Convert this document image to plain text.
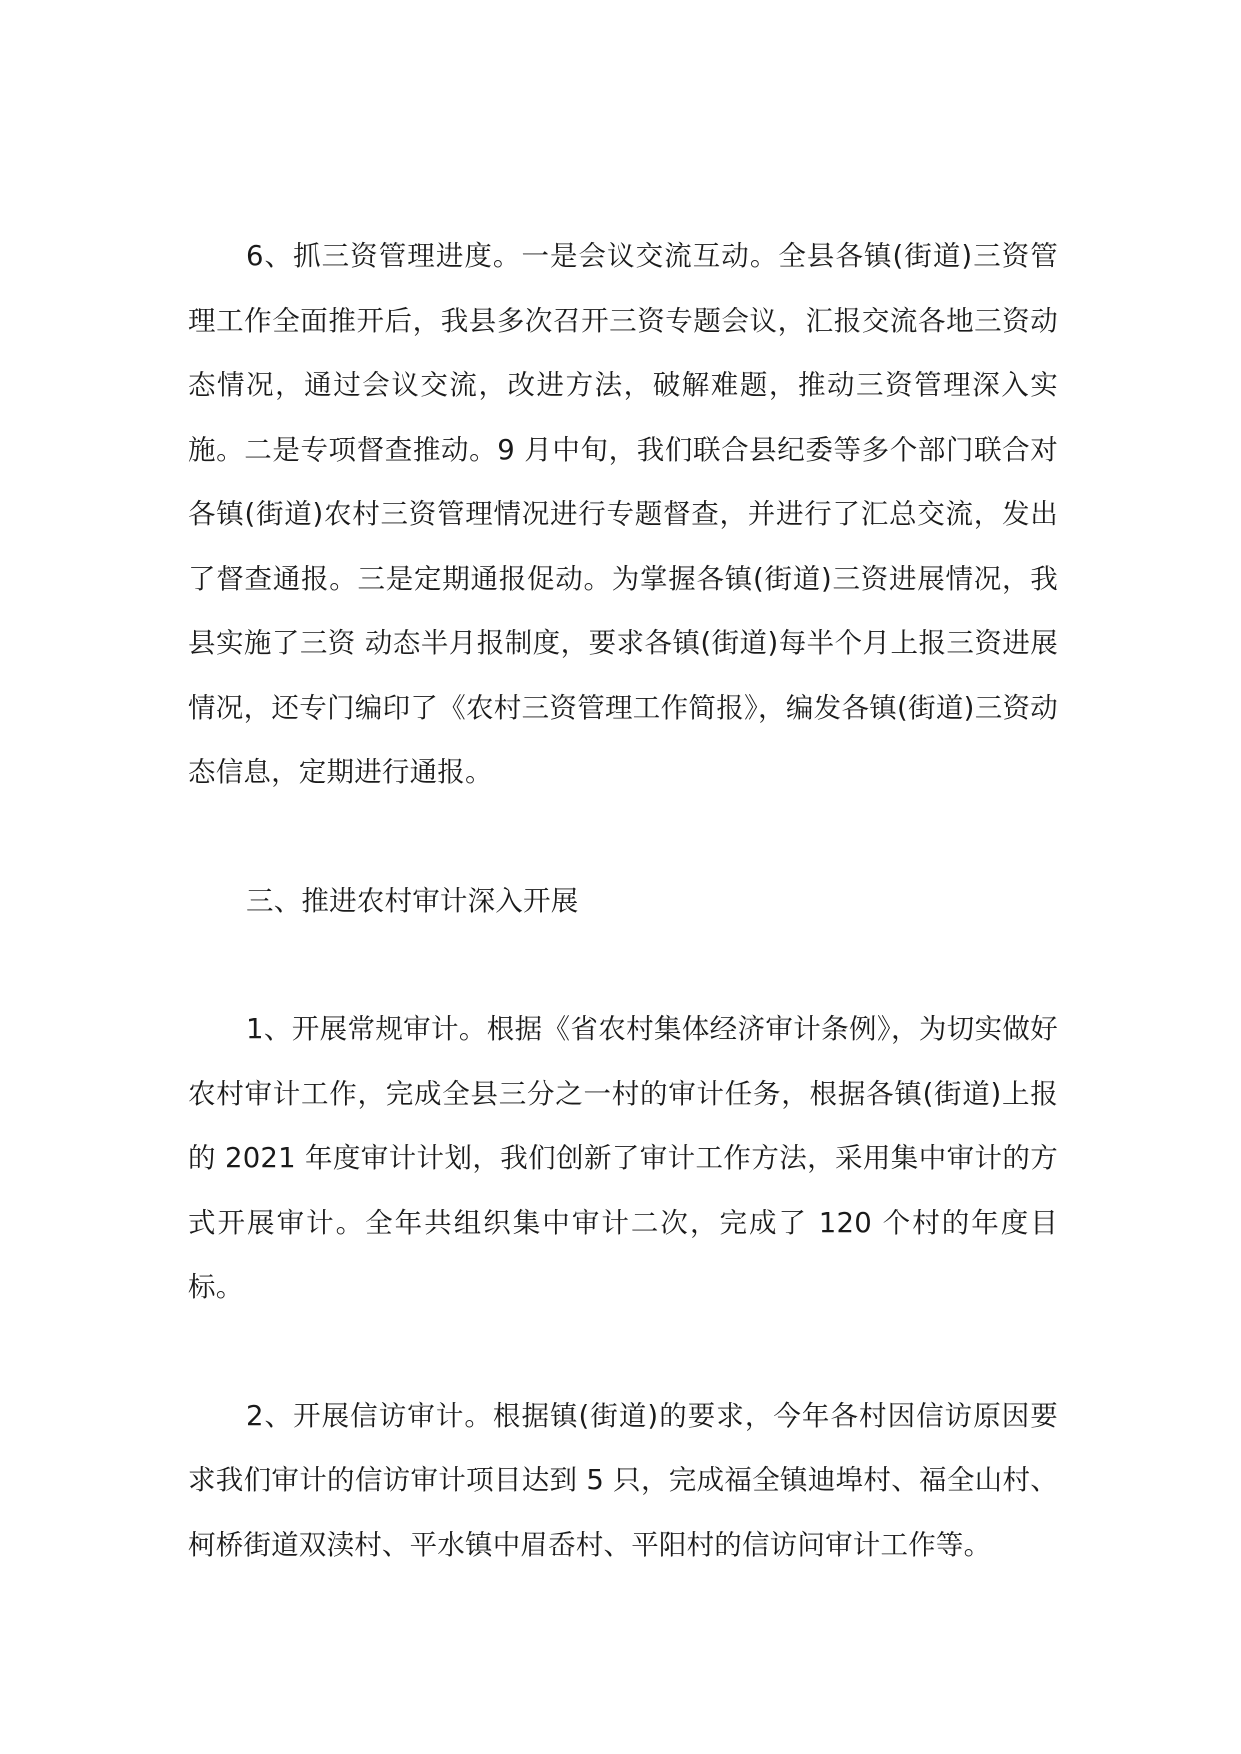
6、抓三资管理进度。一是会议交流互动。全县各镇(街道)三资管理工作全面推开后，我县多次召开三资专题会议，汇报交流各地三资动态情况，通过会议交流，改进方法，破解难题，推动三资管理深入实施。二是专项督查推动。9 月中旬，我们联合县纪委等多个部门联合对各镇(街道)农村三资管理情况进行专题督查，并进行了汇总交流，发出了督查通报。三是定期通报促动。为掌握各镇(街道)三资进展情况，我县实施了三资 动态半月报制度，要求各镇(街道)每半个月上报三资进展情况，还专门编印了《农村三资管理工作简报》，编发各镇(街道)三资动态信息，定期进行通报。

三、推进农村审计深入开展

1、开展常规审计。根据《省农村集体经济审计条例》，为切实做好农村审计工作，完成全县三分之一村的审计任务，根据各镇(街道)上报的 2021 年度审计计划，我们创新了审计工作方法，采用集中审计的方式开展审计。全年共组织集中审计二次，完成了 120 个村的年度目标。

2、开展信访审计。根据镇(街道)的要求，今年各村因信访原因要求我们审计的信访审计项目达到 5 只，完成福全镇迪埠村、福全山村、柯桥街道双渎村、平水镇中眉岙村、平阳村的信访问审计工作等。
